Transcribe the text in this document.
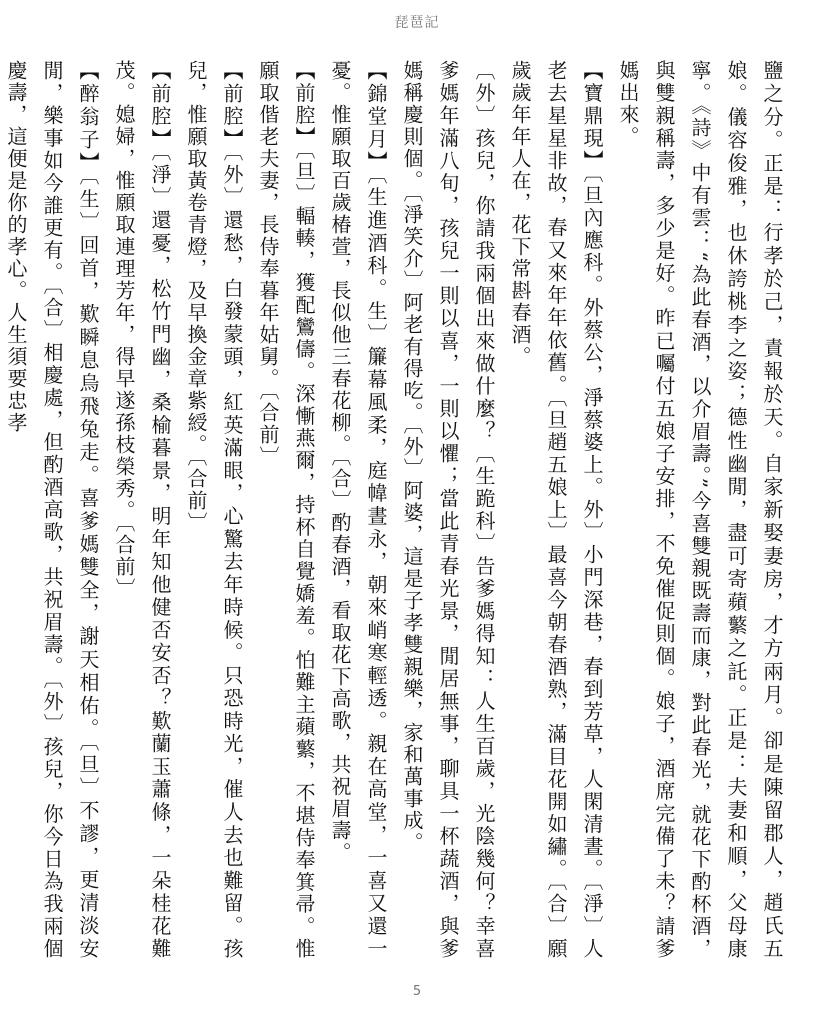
琵琶記

鹽之分。正是：行孝於己，責報於天。自家新娶妻房，才方兩月。卻是陳留郡人，趙氏五娘。儀容俊雅，也休誇桃李之姿；德性幽閒，盡可寄蘋蘩之託。正是：夫妻和順，父母康寧。《詩》中有雲：“為此春酒，以介眉壽。”今喜雙親既壽而康，對此春光，就花下酌杯酒，與雙親稱壽，多少是好。昨已囑付五娘子安排，不免催促則個。娘子，酒席完備了未？請爹媽出來。

【寶鼎現】〔旦內應科。外蔡公，淨蔡婆上。外〕小門深巷，春到芳草，人閑清晝。〔淨〕人老去星星非故，春又來年年依舊。〔旦趙五娘上〕最喜今朝春酒熟，滿目花開如繡。〔合〕願歲歲年年人在，花下常斟春酒。

〔外〕孩兒，你請我兩個出來做什麼？〔生跪科〕告爹媽得知：人生百歲，光陰幾何？幸喜爹媽年滿八旬，孩兒一則以喜，一則以懼；當此青春光景，閒居無事，聊具一杯蔬酒，與爹媽稱慶則個。〔淨笑介〕阿老有得吃。〔外〕阿婆，這是子孝雙親樂，家和萬事成。

【錦堂月】〔生進酒科。生〕簾幕風柔，庭幃晝永，朝來峭寒輕透。親在高堂，一喜又還一憂。惟願取百歲椿萱，長似他三春花柳。〔合〕酌春酒，看取花下高歌，共祝眉壽。

【前腔】〔旦〕輻輳，獲配鸞儔。深慚燕爾，持杯自覺嬌羞。怕難主蘋蘩，不堪侍奉箕帚。惟願取偕老夫妻，長侍奉暮年姑舅。〔合前〕

【前腔】〔外〕還愁，白發蒙頭，紅英滿眼，心驚去年時候。只恐時光，催人去也難留。孩兒，惟願取黃卷青燈，及早換金章紫綬。〔合前〕

【前腔】〔淨〕還憂，松竹門幽，桑榆暮景，明年知他健否安否？歎蘭玉蕭條，一朵桂花難茂。媳婦，惟願取連理芳年，得早遂孫枝榮秀。〔合前〕

【醉翁子】〔生〕回首，歎瞬息烏飛兔走。喜爹媽雙全，謝天相佑。〔旦〕不謬，更清淡安閒，樂事如今誰更有。〔合〕相慶處，但酌酒高歌，共祝眉壽。〔外〕孩兒，你今日為我兩個慶壽，這便是你的孝心。人生須要忠孝

5
